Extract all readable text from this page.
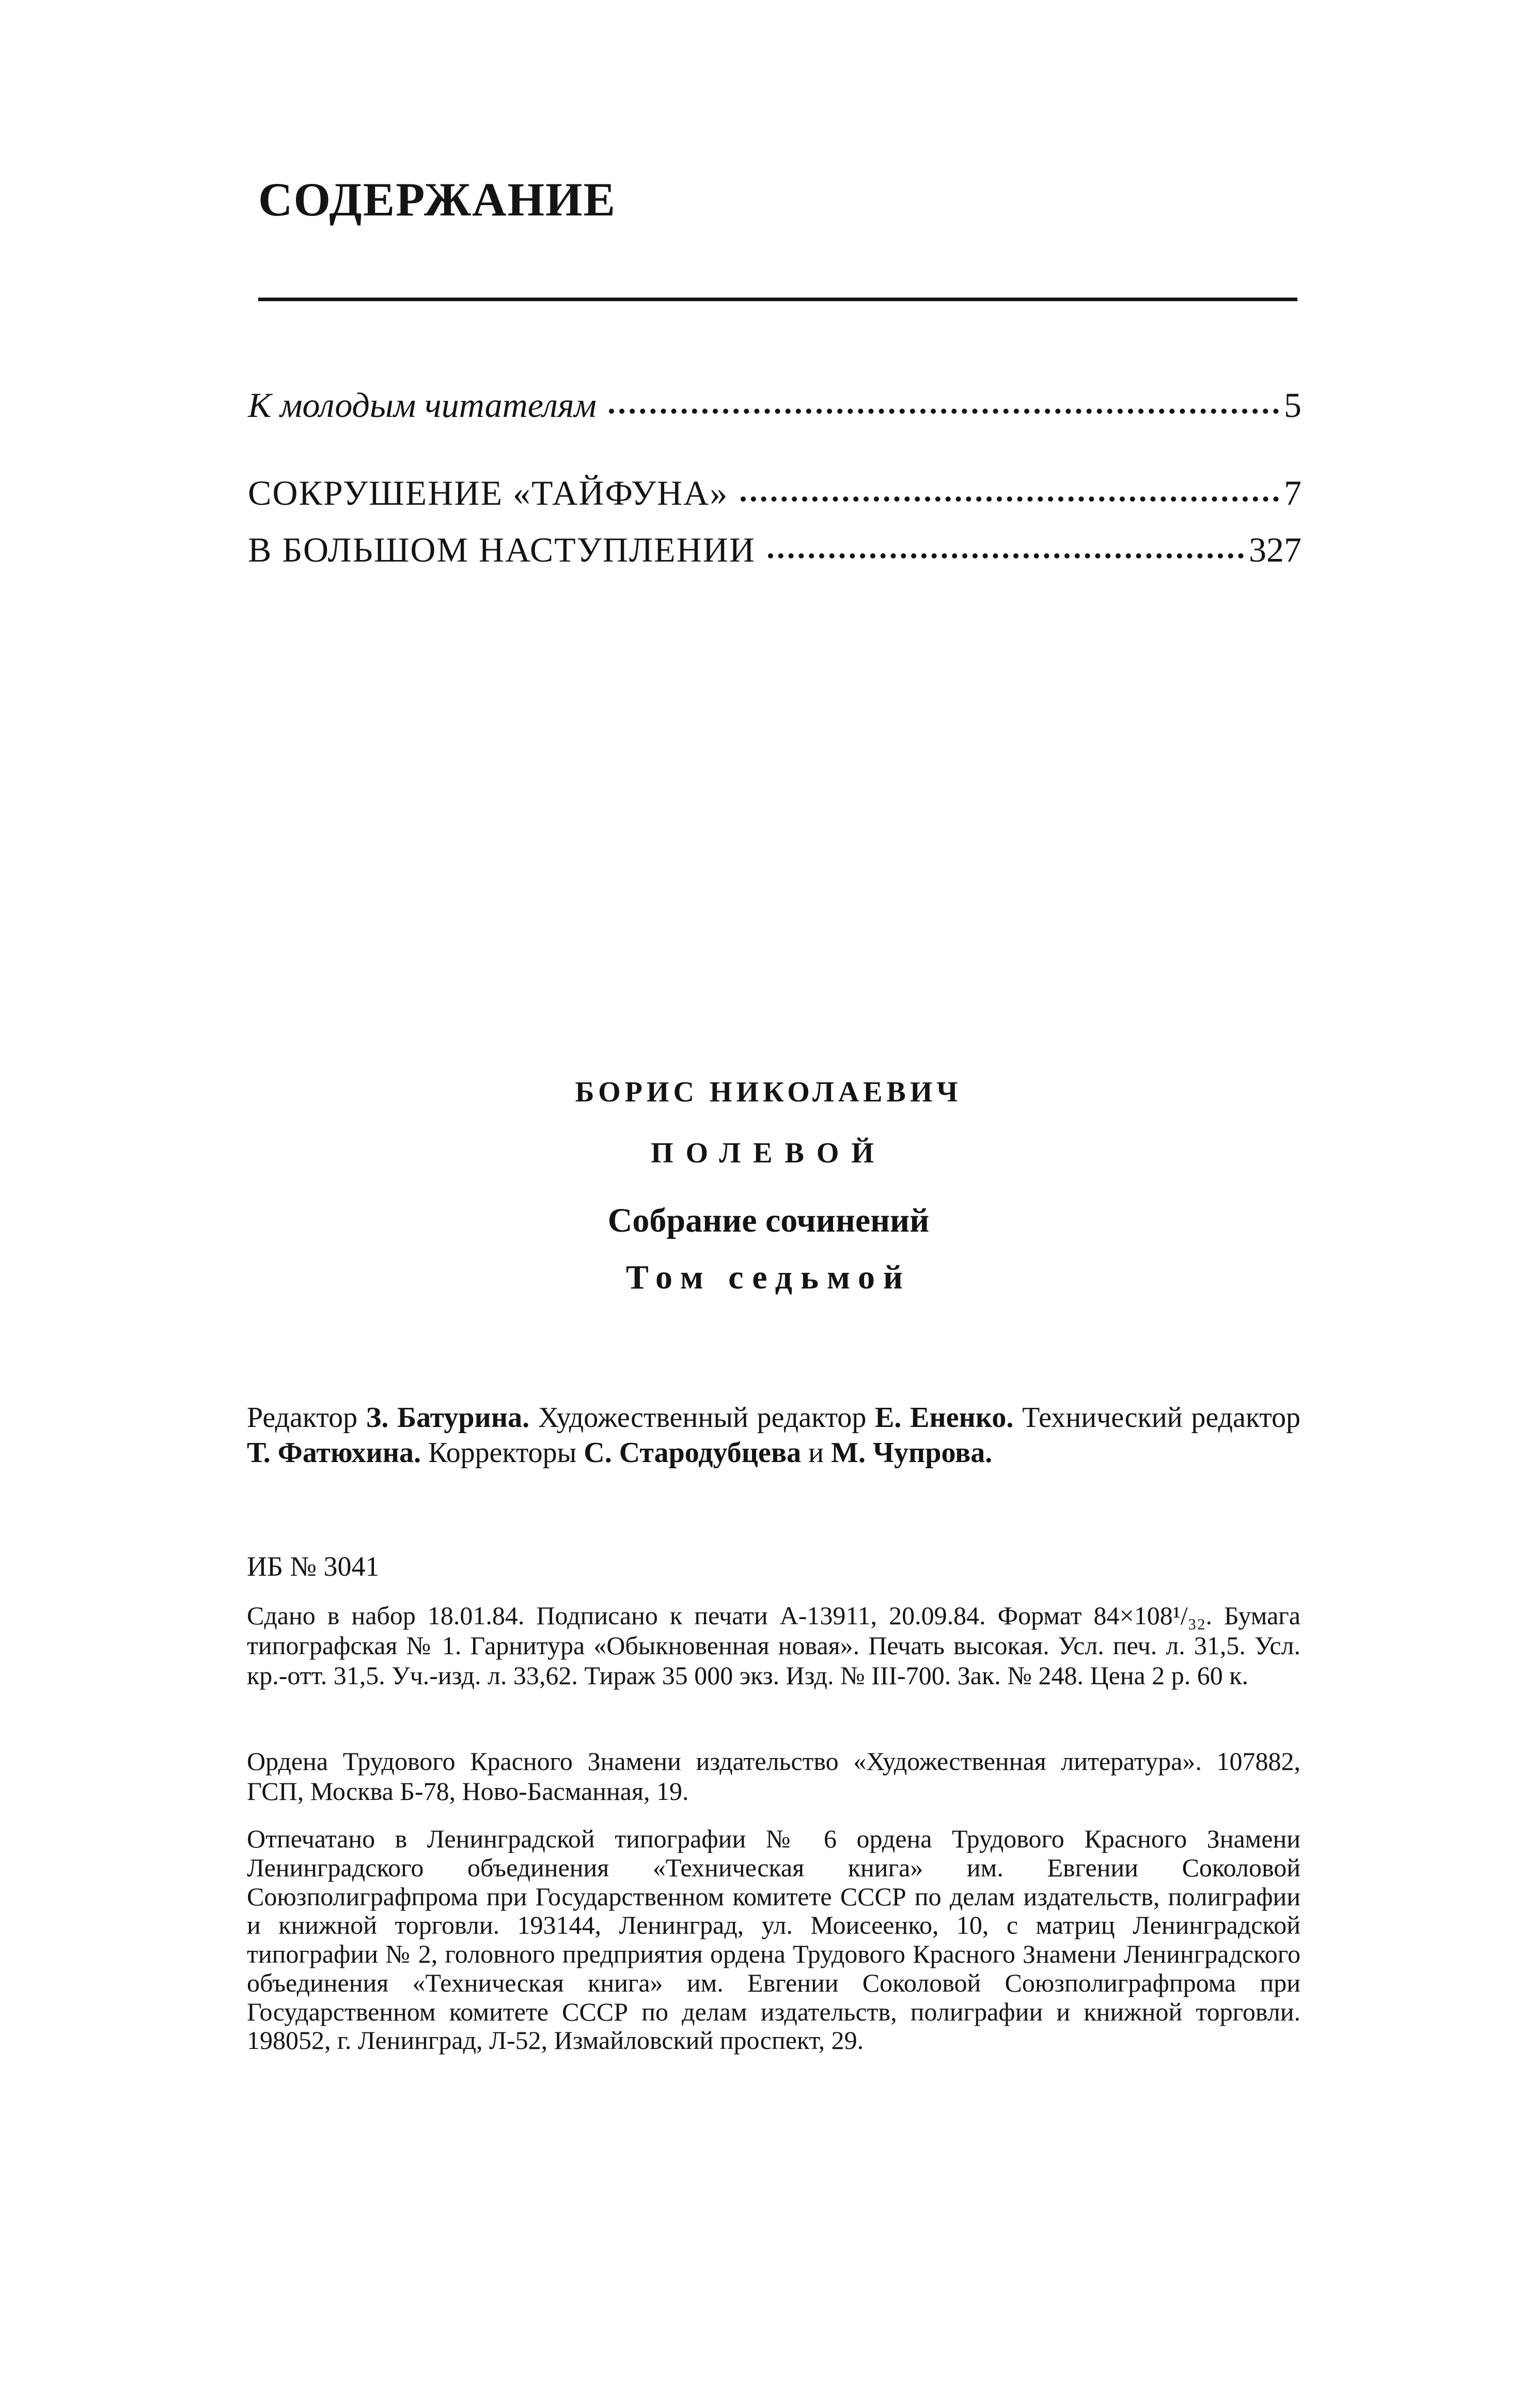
СОДЕРЖАНИЕ
К молодым читателям	5
СОКРУШЕНИЕ «ТАЙФУНА»	7
В БОЛЬШОМ НАСТУПЛЕНИИ	327

БОРИС НИКОЛАЕВИЧ

ПОЛЕВОЙ

Собрание сочинений

Том седьмой

Редактор З. Батурина. Художественный редактор Е. Ененко. Технический редактор Т. Фатюхина. Корректоры С. Стародубцева и М. Чупрова.

ИБ № 3041

Сдано в набор 18.01.84. Подписано к печати А-13911, 20.09.84. Формат 84×108¹/₃₂. Бумага типографская № 1. Гарнитура «Обыкновенная новая». Печать высокая. Усл. печ. л. 31,5. Усл. кр.-отт. 31,5. Уч.-изд. л. 33,62. Тираж 35 000 экз. Изд. № III-700. Зак. № 248. Цена 2 р. 60 к.

Ордена Трудового Красного Знамени издательство «Художественная литература». 107882, ГСП, Москва Б-78, Ново-Басманная, 19.

Отпечатано в Ленинградской типографии № 6 ордена Трудового Красного Знамени Ленинградского объединения «Техническая книга» им. Евгении Соколовой Союзполиграфпрома при Государственном комитете СССР по делам издательств, полиграфии и книжной торговли. 193144, Ленинград, ул. Моисеенко, 10, с матриц Ленинградской типографии № 2, головного предприятия ордена Трудового Красного Знамени Ленинградского объединения «Техническая книга» им. Евгении Соколовой Союзполиграфпрома при Государственном комитете СССР по делам издательств, полиграфии и книжной торговли. 198052, г. Ленинград, Л-52, Измайловский проспект, 29.
